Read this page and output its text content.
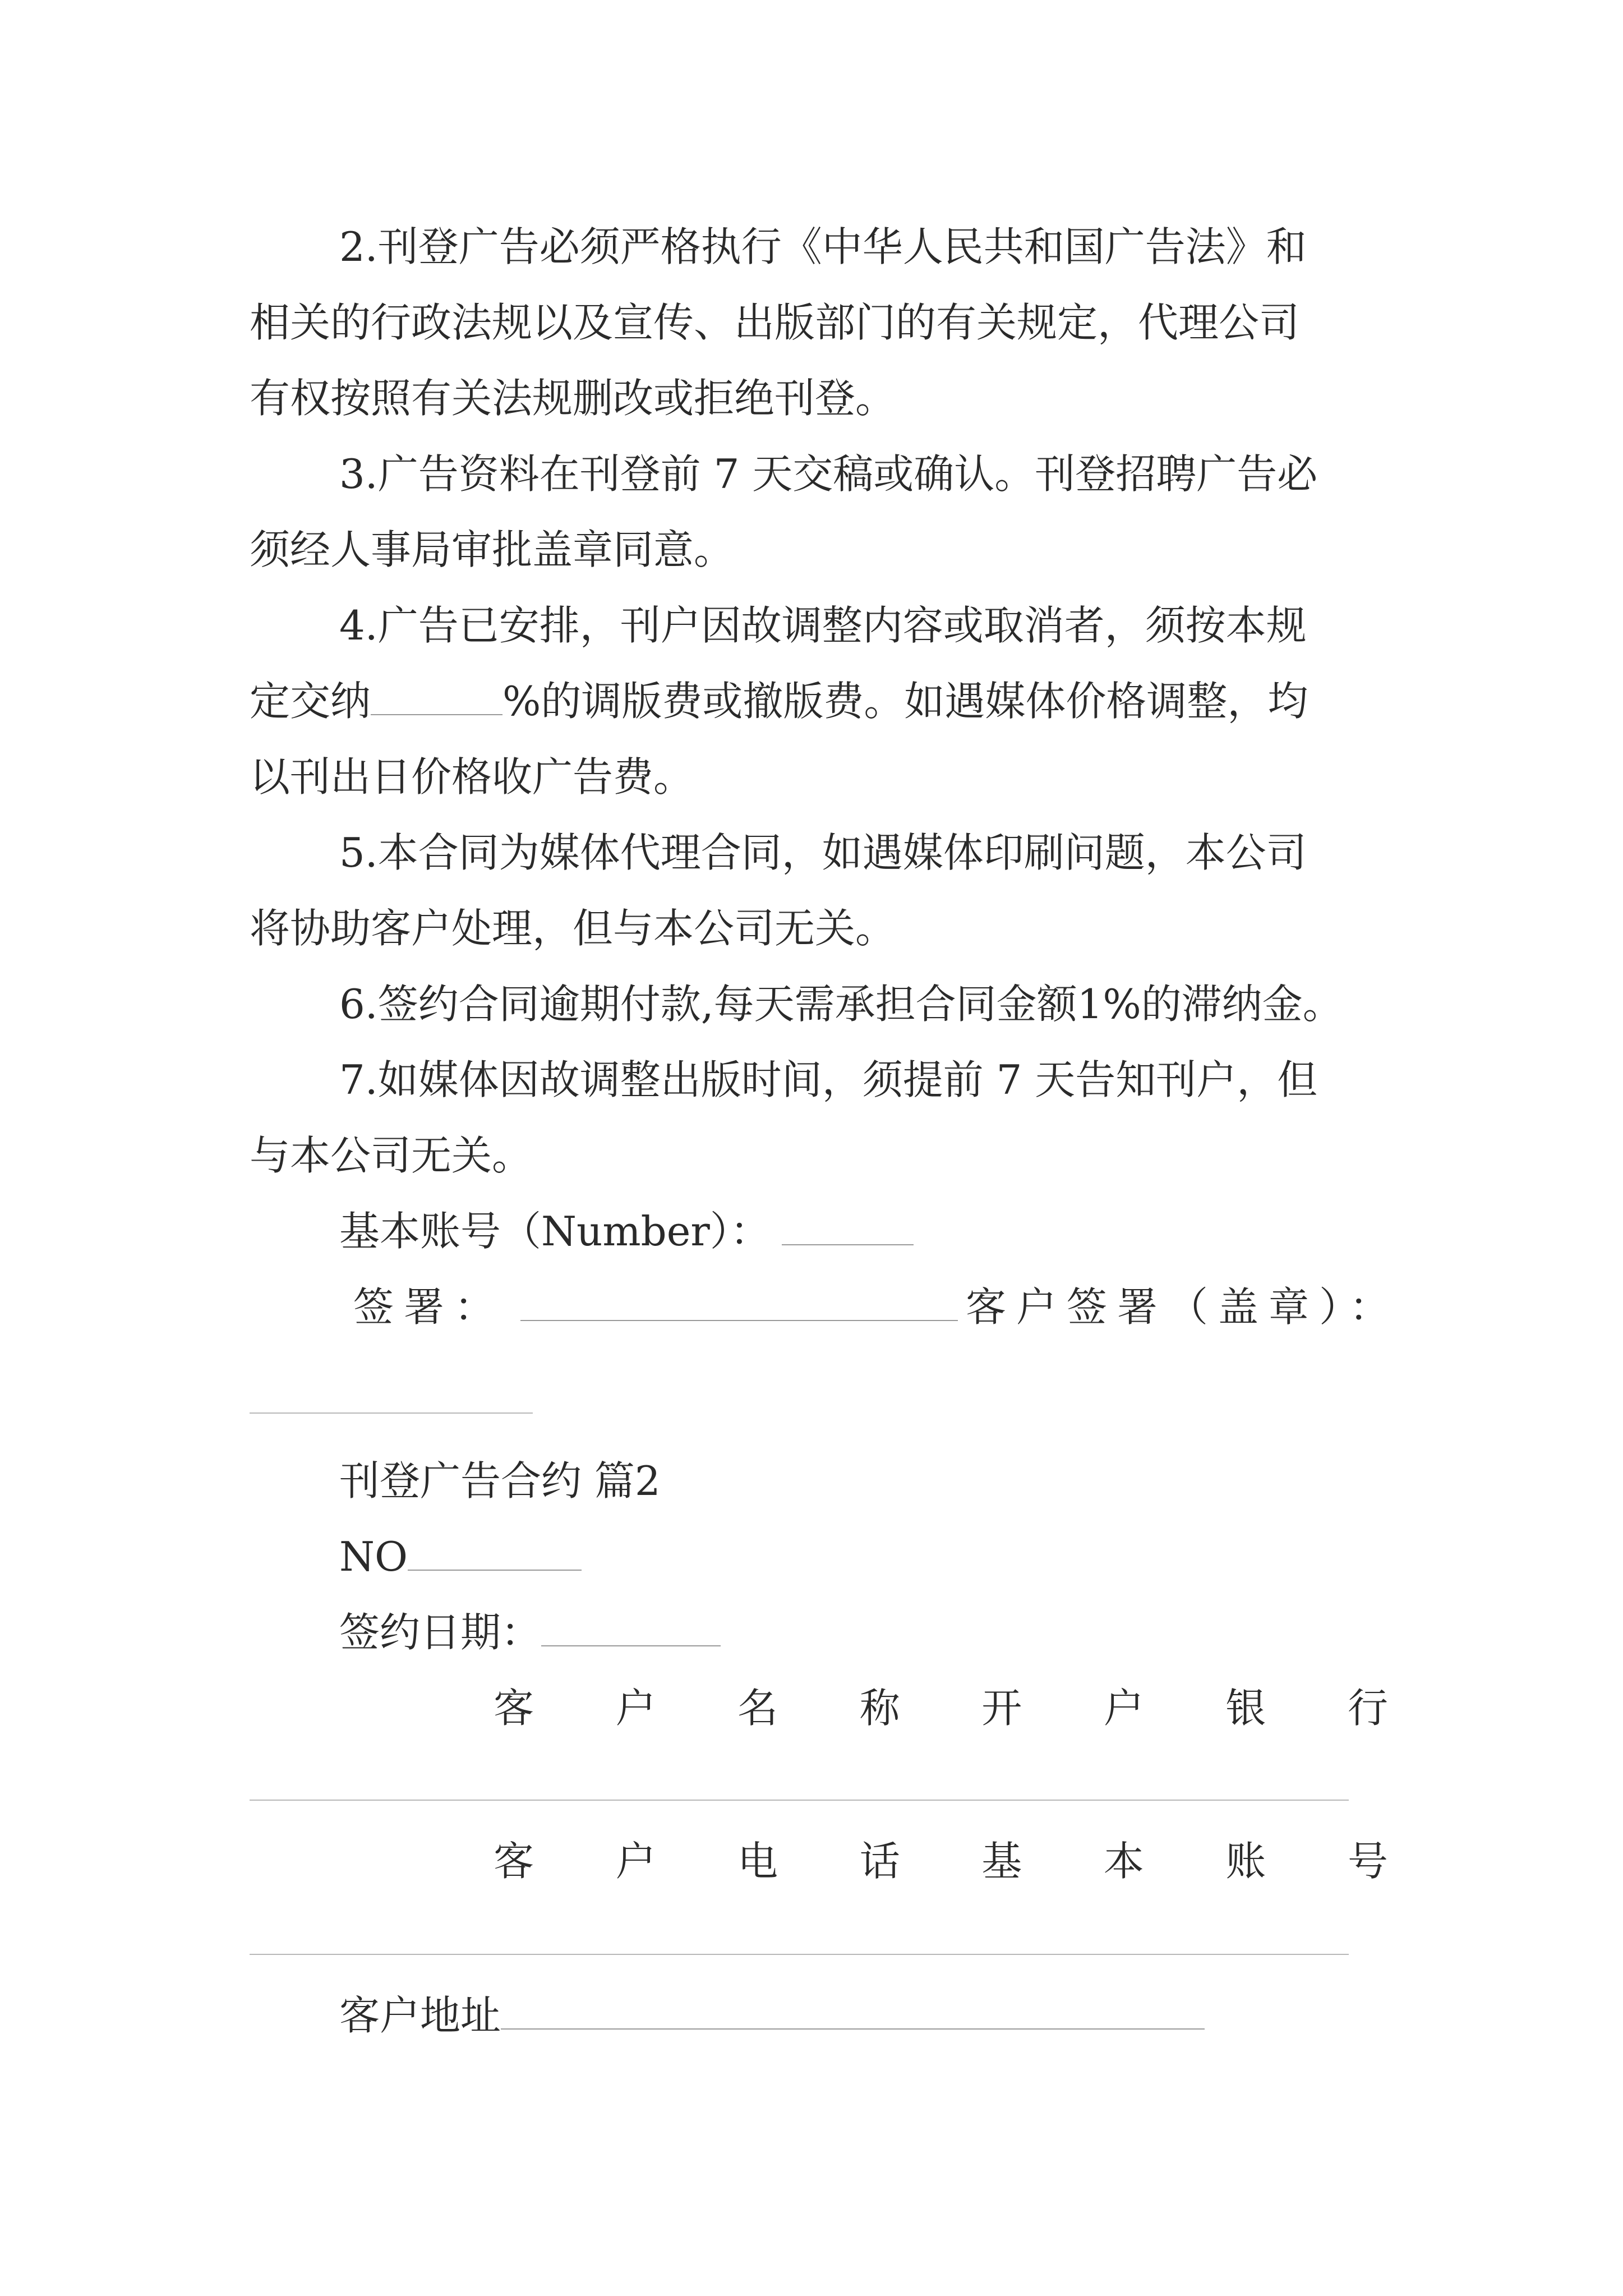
2.刊登广告必须严格执行《中华人民共和国广告法》和
相关的行政法规以及宣传、出版部门的有关规定，代理公司
有权按照有关法规删改或拒绝刊登。
3.广告资料在刊登前 7 天交稿或确认。刊登招聘广告必
须经人事局审批盖章同意。
4.广告已安排，刊户因故调整内容或取消者，须按本规
定交纳	%的调版费或撤版费。如遇媒体价格调整，均
以刊出日价格收广告费。
5.本合同为媒体代理合同，如遇媒体印刷问题，本公司
将协助客户处理，但与本公司无关。
6.签约合同逾期付款,每天需承担合同金额1%的滞纳金。
7.如媒体因故调整出版时间，须提前 7 天告知刊户，但
与本公司无关。
基本账号（Number）：
签署：	客户签署（盖章）：
刊登广告合约 篇2
NO
签约日期：
客 户 名 称 开 户 银 行
客 户 电 话 基 本 账 号
客户地址
